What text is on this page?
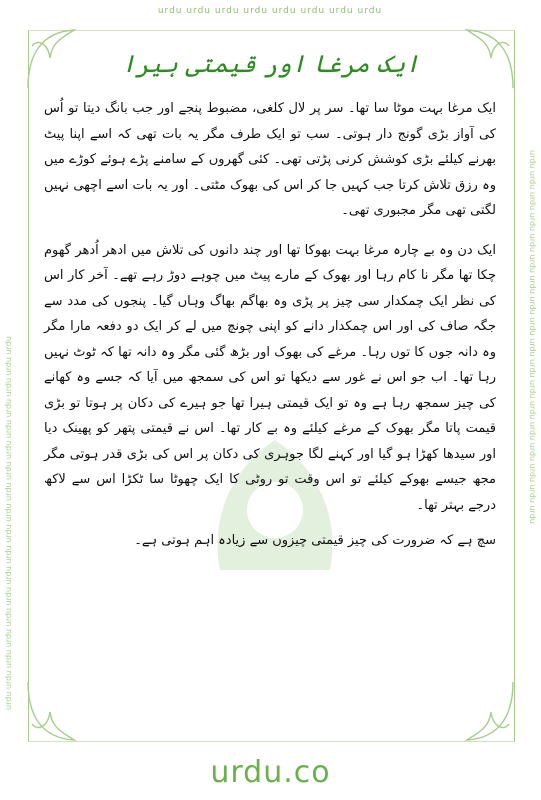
urdu urdu urdu urdu urdu urdu urdu urdu
urdu urdu urdu urdu urdu urdu urdu urdu urdu urdu urdu urdu urdu urdu urdu urdu urdu urdu	urdu urdu urdu urdu urdu urdu urdu urdu urdu urdu urdu urdu urdu urdu urdu urdu urdu urdu
ایک مرغا اور قیمتی ہیرا

ایک مرغا بہت موٹا سا تھا۔ سر پر لال کلغی، مضبوط پنجے اور جب بانگ دیتا تو اُس کی آواز بڑی گونج دار ہوتی۔ سب تو ایک طرف مگر یہ بات تھی کہ اسے اپنا پیٹ بھرنے کیلئے بڑی کوشش کرنی پڑتی تھی۔ کئی گھروں کے سامنے پڑے ہوئے کوڑے میں وہ رزق تلاش کرتا جب کہیں جا کر اس کی بھوک مٹتی۔ اور یہ بات اسے اچھی نہیں لگتی تھی مگر مجبوری تھی۔

ایک دن وہ بے چارہ مرغا بہت بھوکا تھا اور چند دانوں کی تلاش میں ادھر اُدھر گھوم چکا تھا مگر نا کام رہا اور بھوک کے مارے پیٹ میں چوہے دوڑ رہے تھے۔ آخر کار اس کی نظر ایک چمکدار سی چیز پر پڑی وہ بھاگم بھاگ وہاں گیا۔ پنجوں کی مدد سے جگہ صاف کی اور اس چمکدار دانے کو اپنی چونچ میں لے کر ایک دو دفعہ مارا مگر وہ دانہ جوں کا توں رہا۔ مرغے کی بھوک اور بڑھ گئی مگر وہ دانہ تھا کہ ٹوٹ نہیں رہا تھا۔ اب جو اس نے غور سے دیکھا تو اس کی سمجھ میں آیا کہ جسے وہ کھانے کی چیز سمجھ رہا ہے وہ تو ایک قیمتی ہیرا تھا جو ہیرے کی دکان پر ہوتا تو بڑی قیمت پاتا مگر بھوک کے مرغے کیلئے وہ بے کار تھا۔ اس نے قیمتی پتھر کو پھینک دیا اور سیدھا کھڑا ہو گیا اور کہنے لگا جوہری کی دکان پر اس کی بڑی قدر ہوتی مگر مجھ جیسے بھوکے کیلئے تو اس وقت تو روٹی کا ایک چھوٹا سا ٹکڑا اس سے لاکھ درجے بہتر تھا۔

سچ ہے کہ ضرورت کی چیز قیمتی چیزوں سے زیادہ اہم ہوتی ہے۔

urdu.co
